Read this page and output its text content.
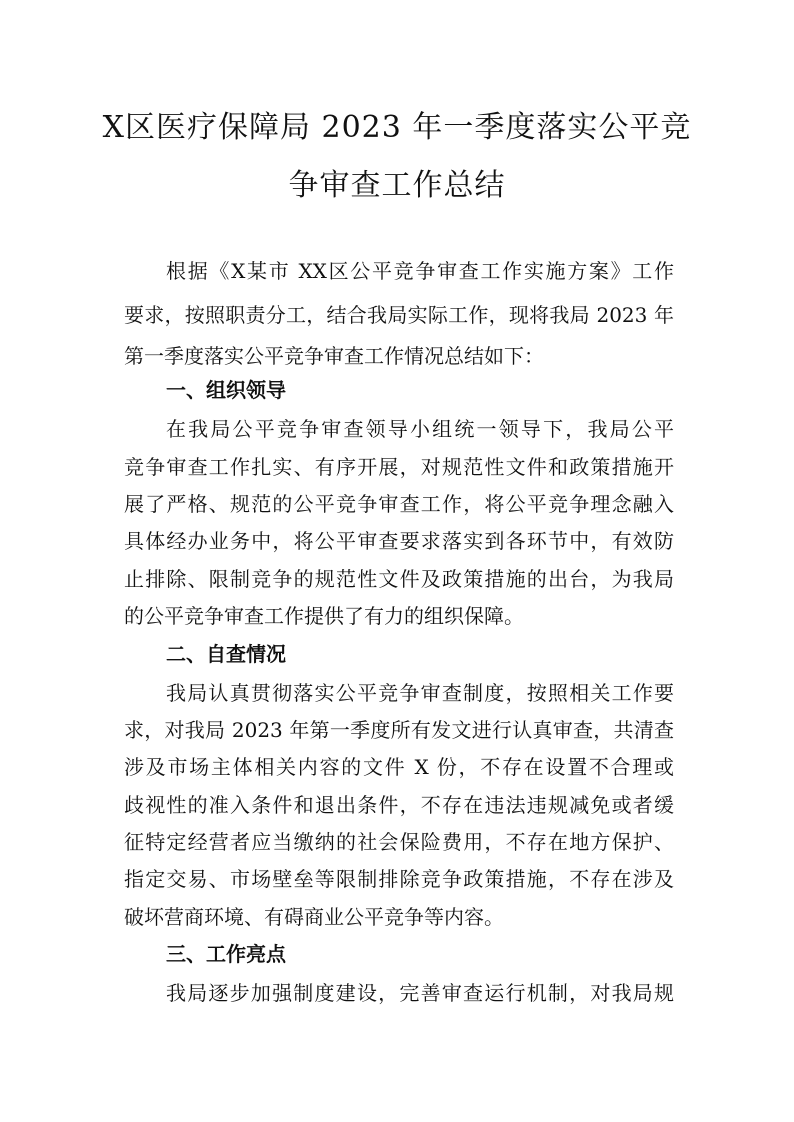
X区医疗保障局 2023 年一季度落实公平竞
争审查工作总结
根据《X某市 XX区公平竞争审查工作实施方案》工作
要求，按照职责分工，结合我局实际工作，现将我局 2023 年
第一季度落实公平竞争审查工作情况总结如下：
一、组织领导
在我局公平竞争审查领导小组统一领导下，我局公平
竞争审查工作扎实、有序开展，对规范性文件和政策措施开
展了严格、规范的公平竞争审查工作，将公平竞争理念融入
具体经办业务中，将公平审查要求落实到各环节中，有效防
止排除、限制竞争的规范性文件及政策措施的出台，为我局
的公平竞争审查工作提供了有力的组织保障。
二、自查情况
我局认真贯彻落实公平竞争审查制度，按照相关工作要
求，对我局 2023 年第一季度所有发文进行认真审查，共清查
涉及市场主体相关内容的文件 X 份，不存在设置不合理或
歧视性的准入条件和退出条件，不存在违法违规减免或者缓
征特定经营者应当缴纳的社会保险费用，不存在地方保护、
指定交易、市场壁垒等限制排除竞争政策措施，不存在涉及
破坏营商环境、有碍商业公平竞争等内容。
三、工作亮点
我局逐步加强制度建设，完善审查运行机制，对我局规
